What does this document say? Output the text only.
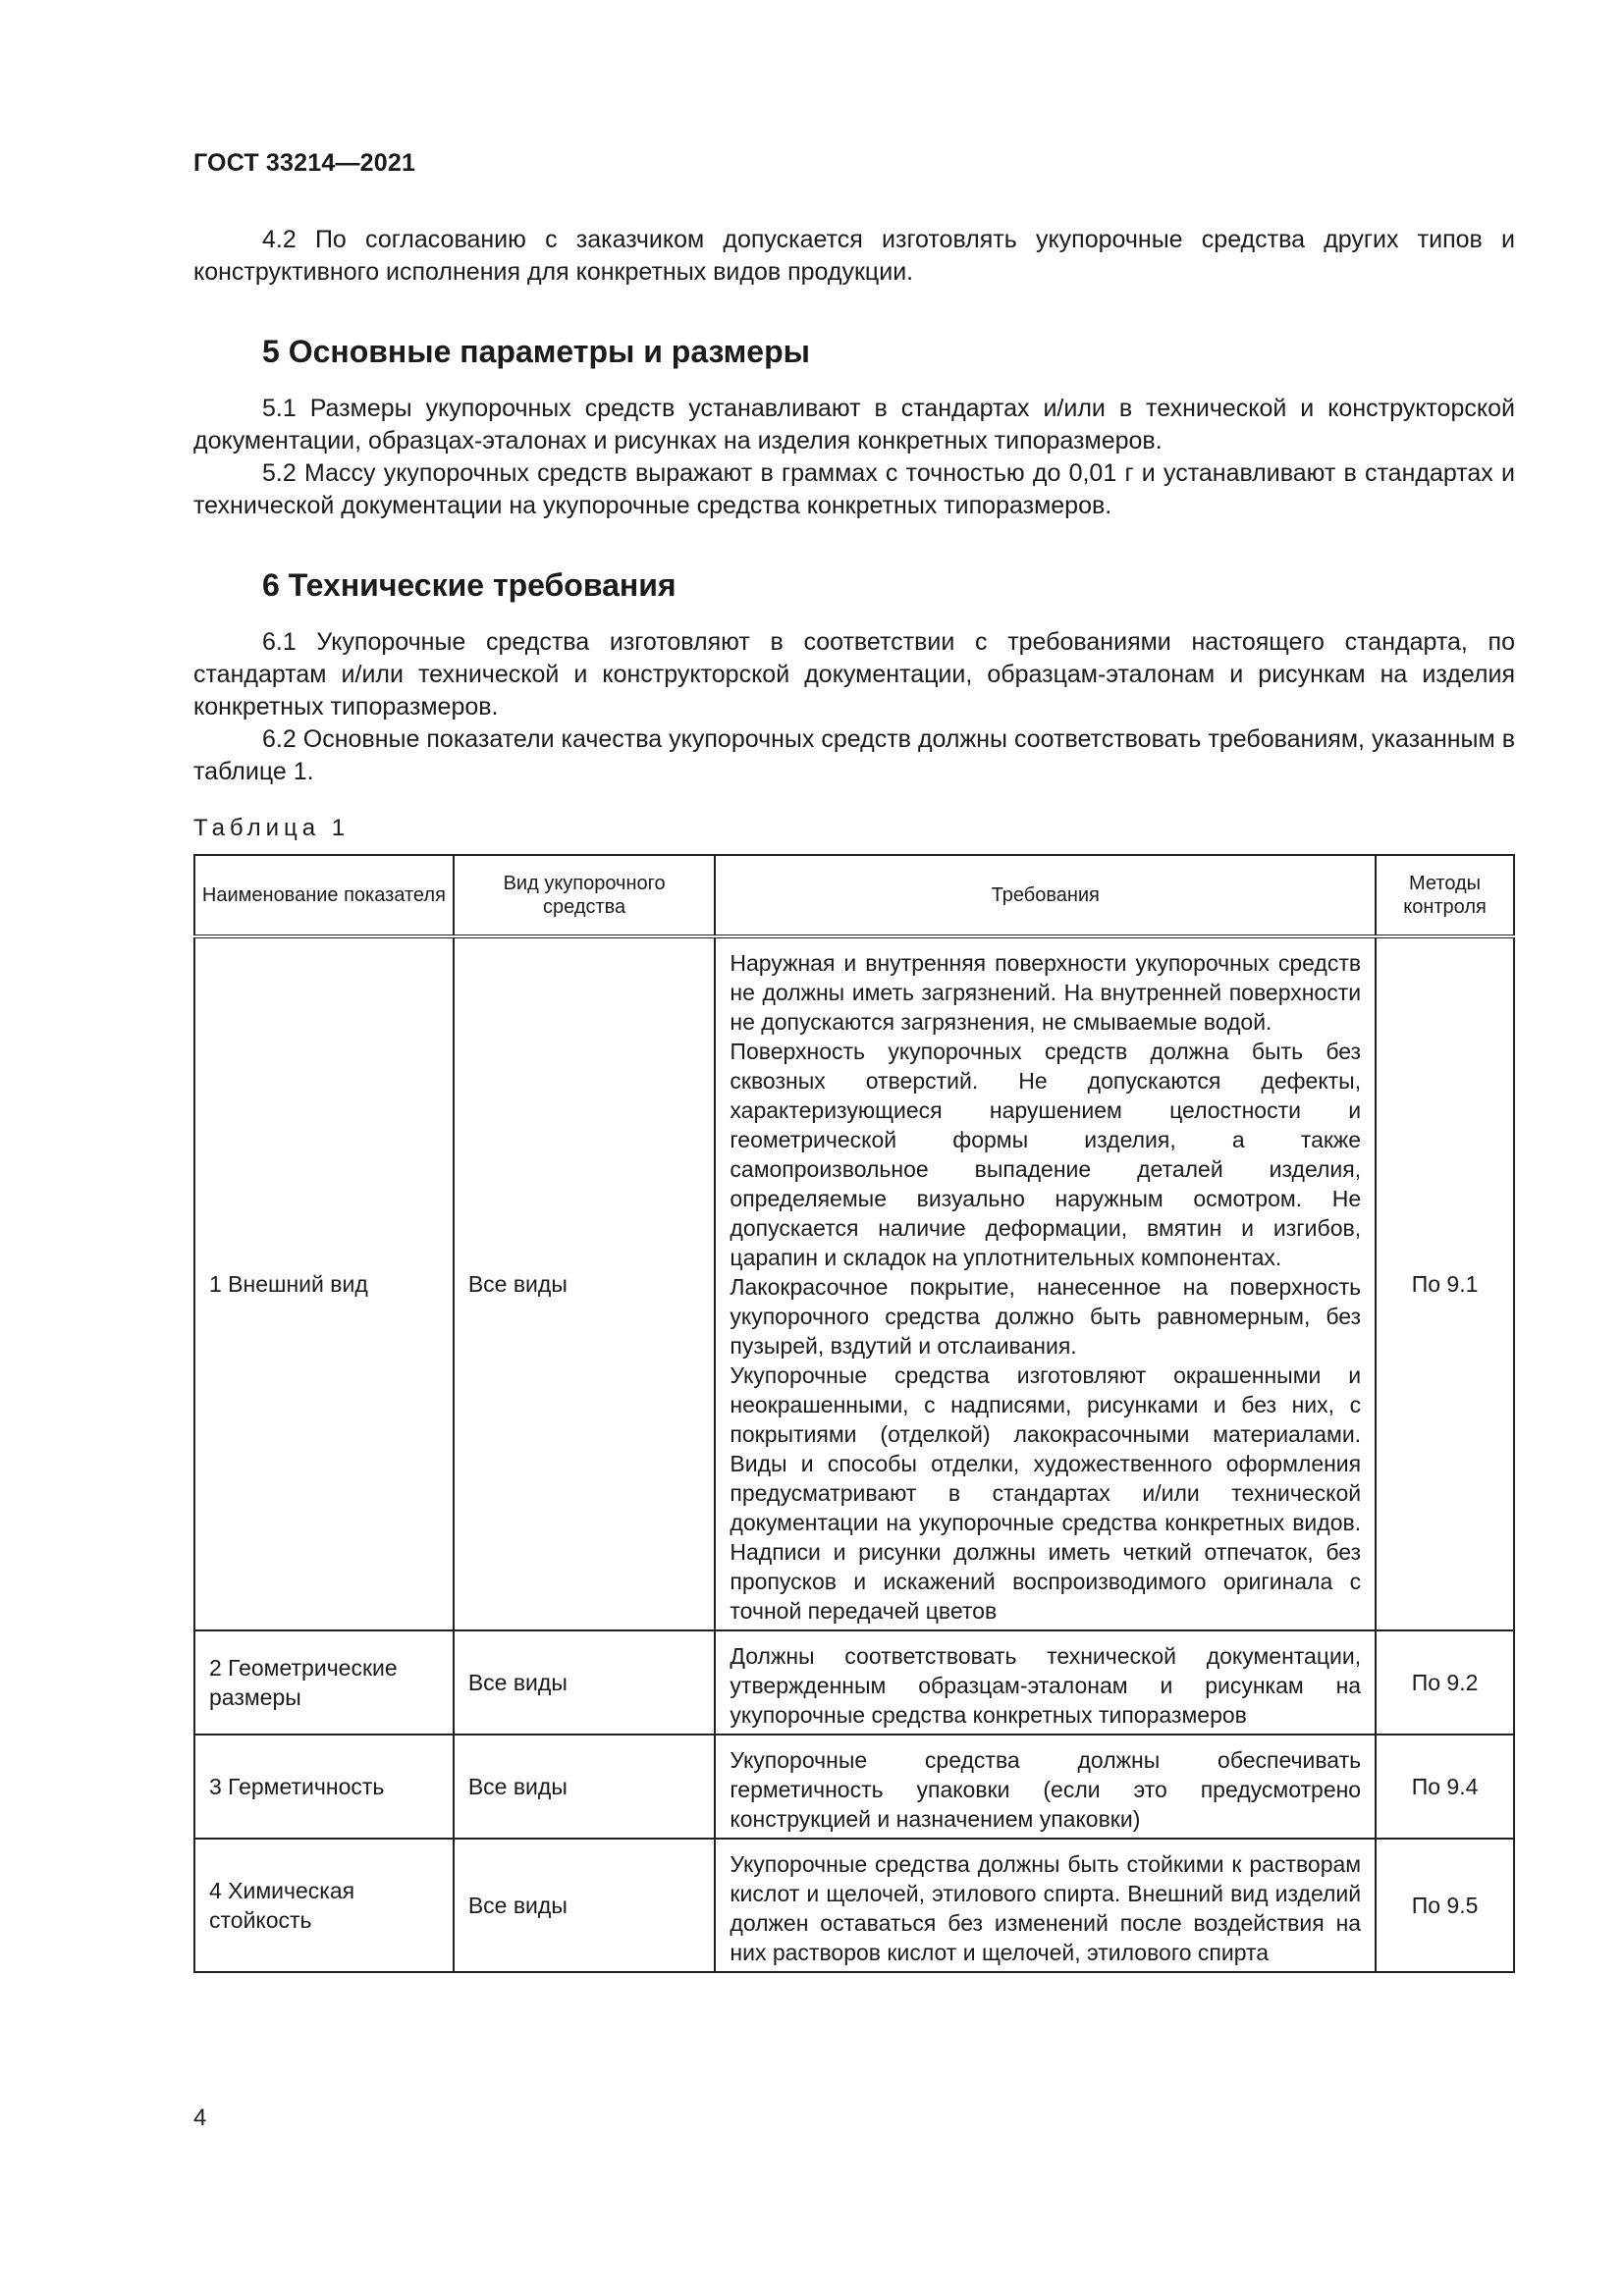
ГОСТ 33214—2021

4.2 По согласованию с заказчиком допускается изготовлять укупорочные средства других типов и конструктивного исполнения для конкретных видов продукции.

5 Основные параметры и размеры

5.1 Размеры укупорочных средств устанавливают в стандартах и/или в технической и конструкторской документации, образцах-эталонах и рисунках на изделия конкретных типоразмеров.

5.2 Массу укупорочных средств выражают в граммах с точностью до 0,01 г и устанавливают в стандартах и технической документации на укупорочные средства конкретных типоразмеров.

6 Технические требования

6.1 Укупорочные средства изготовляют в соответствии с требованиями настоящего стандарта, по стандартам и/или технической и конструкторской документации, образцам-эталонам и рисункам на изделия конкретных типоразмеров.

6.2 Основные показатели качества укупорочных средств должны соответствовать требованиям, указанным в таблице 1.

Таблица 1
Наименование показателя	Вид укупорочного средства	Требования	Методы контроля
1 Внешний вид	Все виды	Наружная и внутренняя поверхности укупорочных средств не должны иметь загрязнений. На внутренней поверхности не допускаются загрязнения, не смываемые водой.
Поверхность укупорочных средств должна быть без сквозных отверстий. Не допускаются дефекты, характеризующиеся нарушением целостности и геометрической формы изделия, а также самопроизвольное выпадение деталей изделия, определяемые визуально наружным осмотром. Не допускается наличие деформации, вмятин и изгибов, царапин и складок на уплотнительных компонентах.
Лакокрасочное покрытие, нанесенное на поверхность укупорочного средства должно быть равномерным, без пузырей, вздутий и отслаивания.
Укупорочные средства изготовляют окрашенными и неокрашенными, с надписями, рисунками и без них, с покрытиями (отделкой) лакокрасочными материалами. Виды и способы отделки, художественного оформления предусматривают в стандартах и/или технической документации на укупорочные средства конкретных видов. Надписи и рисунки должны иметь четкий отпечаток, без пропусков и искажений воспроизводимого оригинала с точной передачей цветов	По 9.1
2 Геометрические размеры	Все виды	Должны соответствовать технической документации, утвержденным образцам-эталонам и рисункам на укупорочные средства конкретных типоразмеров	По 9.2
3 Герметичность	Все виды	Укупорочные средства должны обеспечивать герметичность упаковки (если это предусмотрено конструкцией и назначением упаковки)	По 9.4
4 Химическая стойкость	Все виды	Укупорочные средства должны быть стойкими к растворам кислот и щелочей, этилового спирта. Внешний вид изделий должен оставаться без изменений после воздействия на них растворов кислот и щелочей, этилового спирта	По 9.5
4
